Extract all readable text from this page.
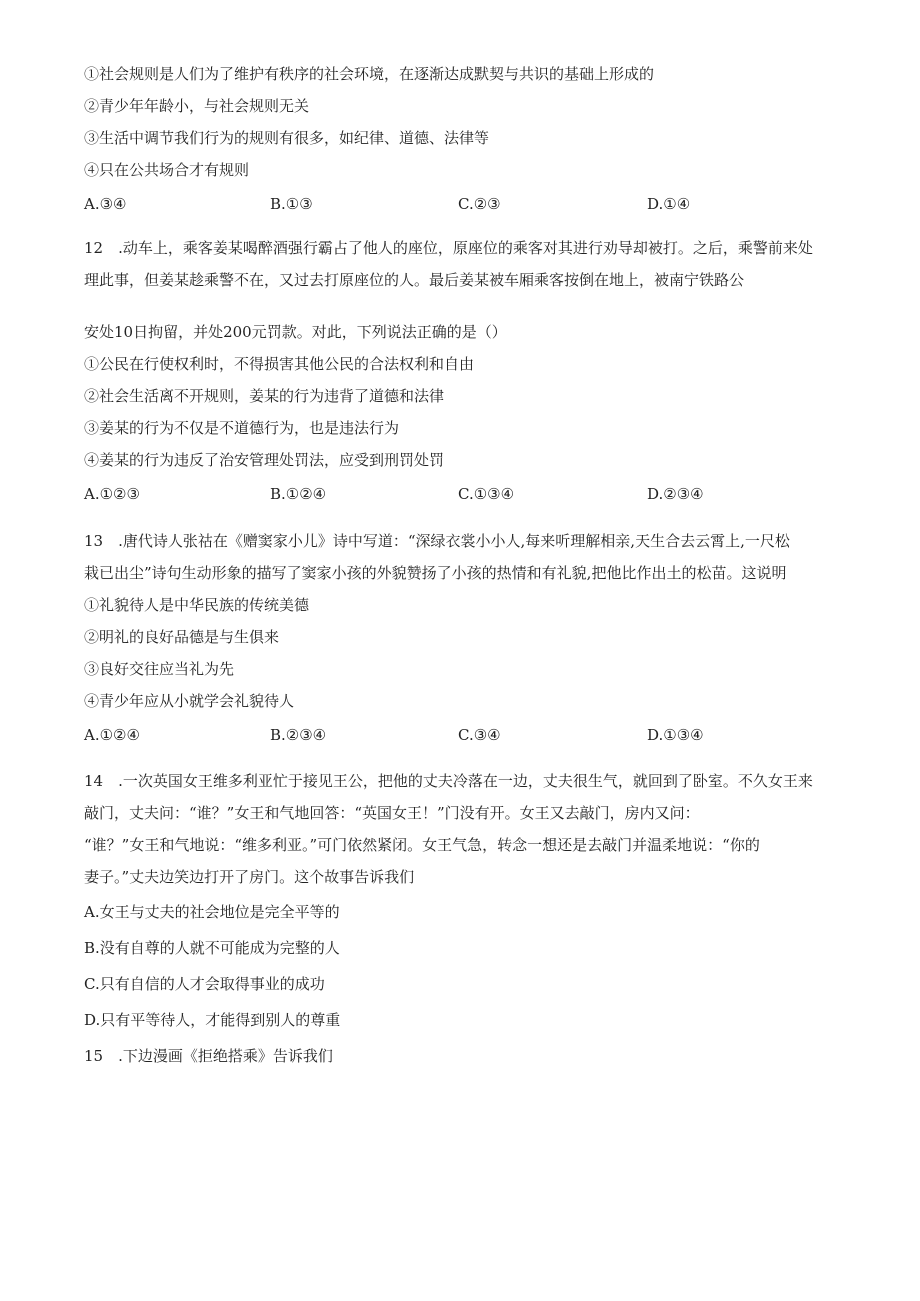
①社会规则是人们为了维护有秩序的社会环境，在逐渐达成默契与共识的基础上形成的
②青少年年龄小，与社会规则无关
③生活中调节我们行为的规则有很多，如纪律、道德、法律等
④只在公共场合才有规则
A.③④	B.①③	C.②③	D.①④
12　.动车上，乘客姜某喝醉酒强行霸占了他人的座位，原座位的乘客对其进行劝导却被打。之后，乘警前来处
理此事，但姜某趁乘警不在，又过去打原座位的人。最后姜某被车厢乘客按倒在地上，被南宁铁路公
安处10日拘留，并处200元罚款。对此，下列说法正确的是（）
①公民在行使权利时，不得损害其他公民的合法权利和自由
②社会生活离不开规则，姜某的行为违背了道德和法律
③姜某的行为不仅是不道德行为，也是违法行为
④姜某的行为违反了治安管理处罚法，应受到刑罚处罚
A.①②③	B.①②④	C.①③④	D.②③④
13　.唐代诗人张祜在《赠窦家小儿》诗中写道：“深绿衣裳小小人,每来听理解相亲,天生合去云霄上,一尺松
栽已出尘”诗句生动形象的描写了窦家小孩的外貌赞扬了小孩的热情和有礼貌,把他比作出土的松苗。这说明
①礼貌待人是中华民族的传统美德
②明礼的良好品德是与生俱来
③良好交往应当礼为先
④青少年应从小就学会礼貌待人
A.①②④	B.②③④	C.③④	D.①③④
14　.一次英国女王维多利亚忙于接见王公，把他的丈夫冷落在一边，丈夫很生气，就回到了卧室。不久女王来
敲门，丈夫问：“谁？”女王和气地回答：“英国女王！”门没有开。女王又去敲门，房内又问：
“谁？”女王和气地说：“维多利亚。”可门依然紧闭。女王气急，转念一想还是去敲门并温柔地说：“你的
妻子。”丈夫边笑边打开了房门。这个故事告诉我们
A.女王与丈夫的社会地位是完全平等的
B.没有自尊的人就不可能成为完整的人
C.只有自信的人才会取得事业的成功
D.只有平等待人，才能得到别人的尊重
15　.下边漫画《拒绝搭乘》告诉我们
